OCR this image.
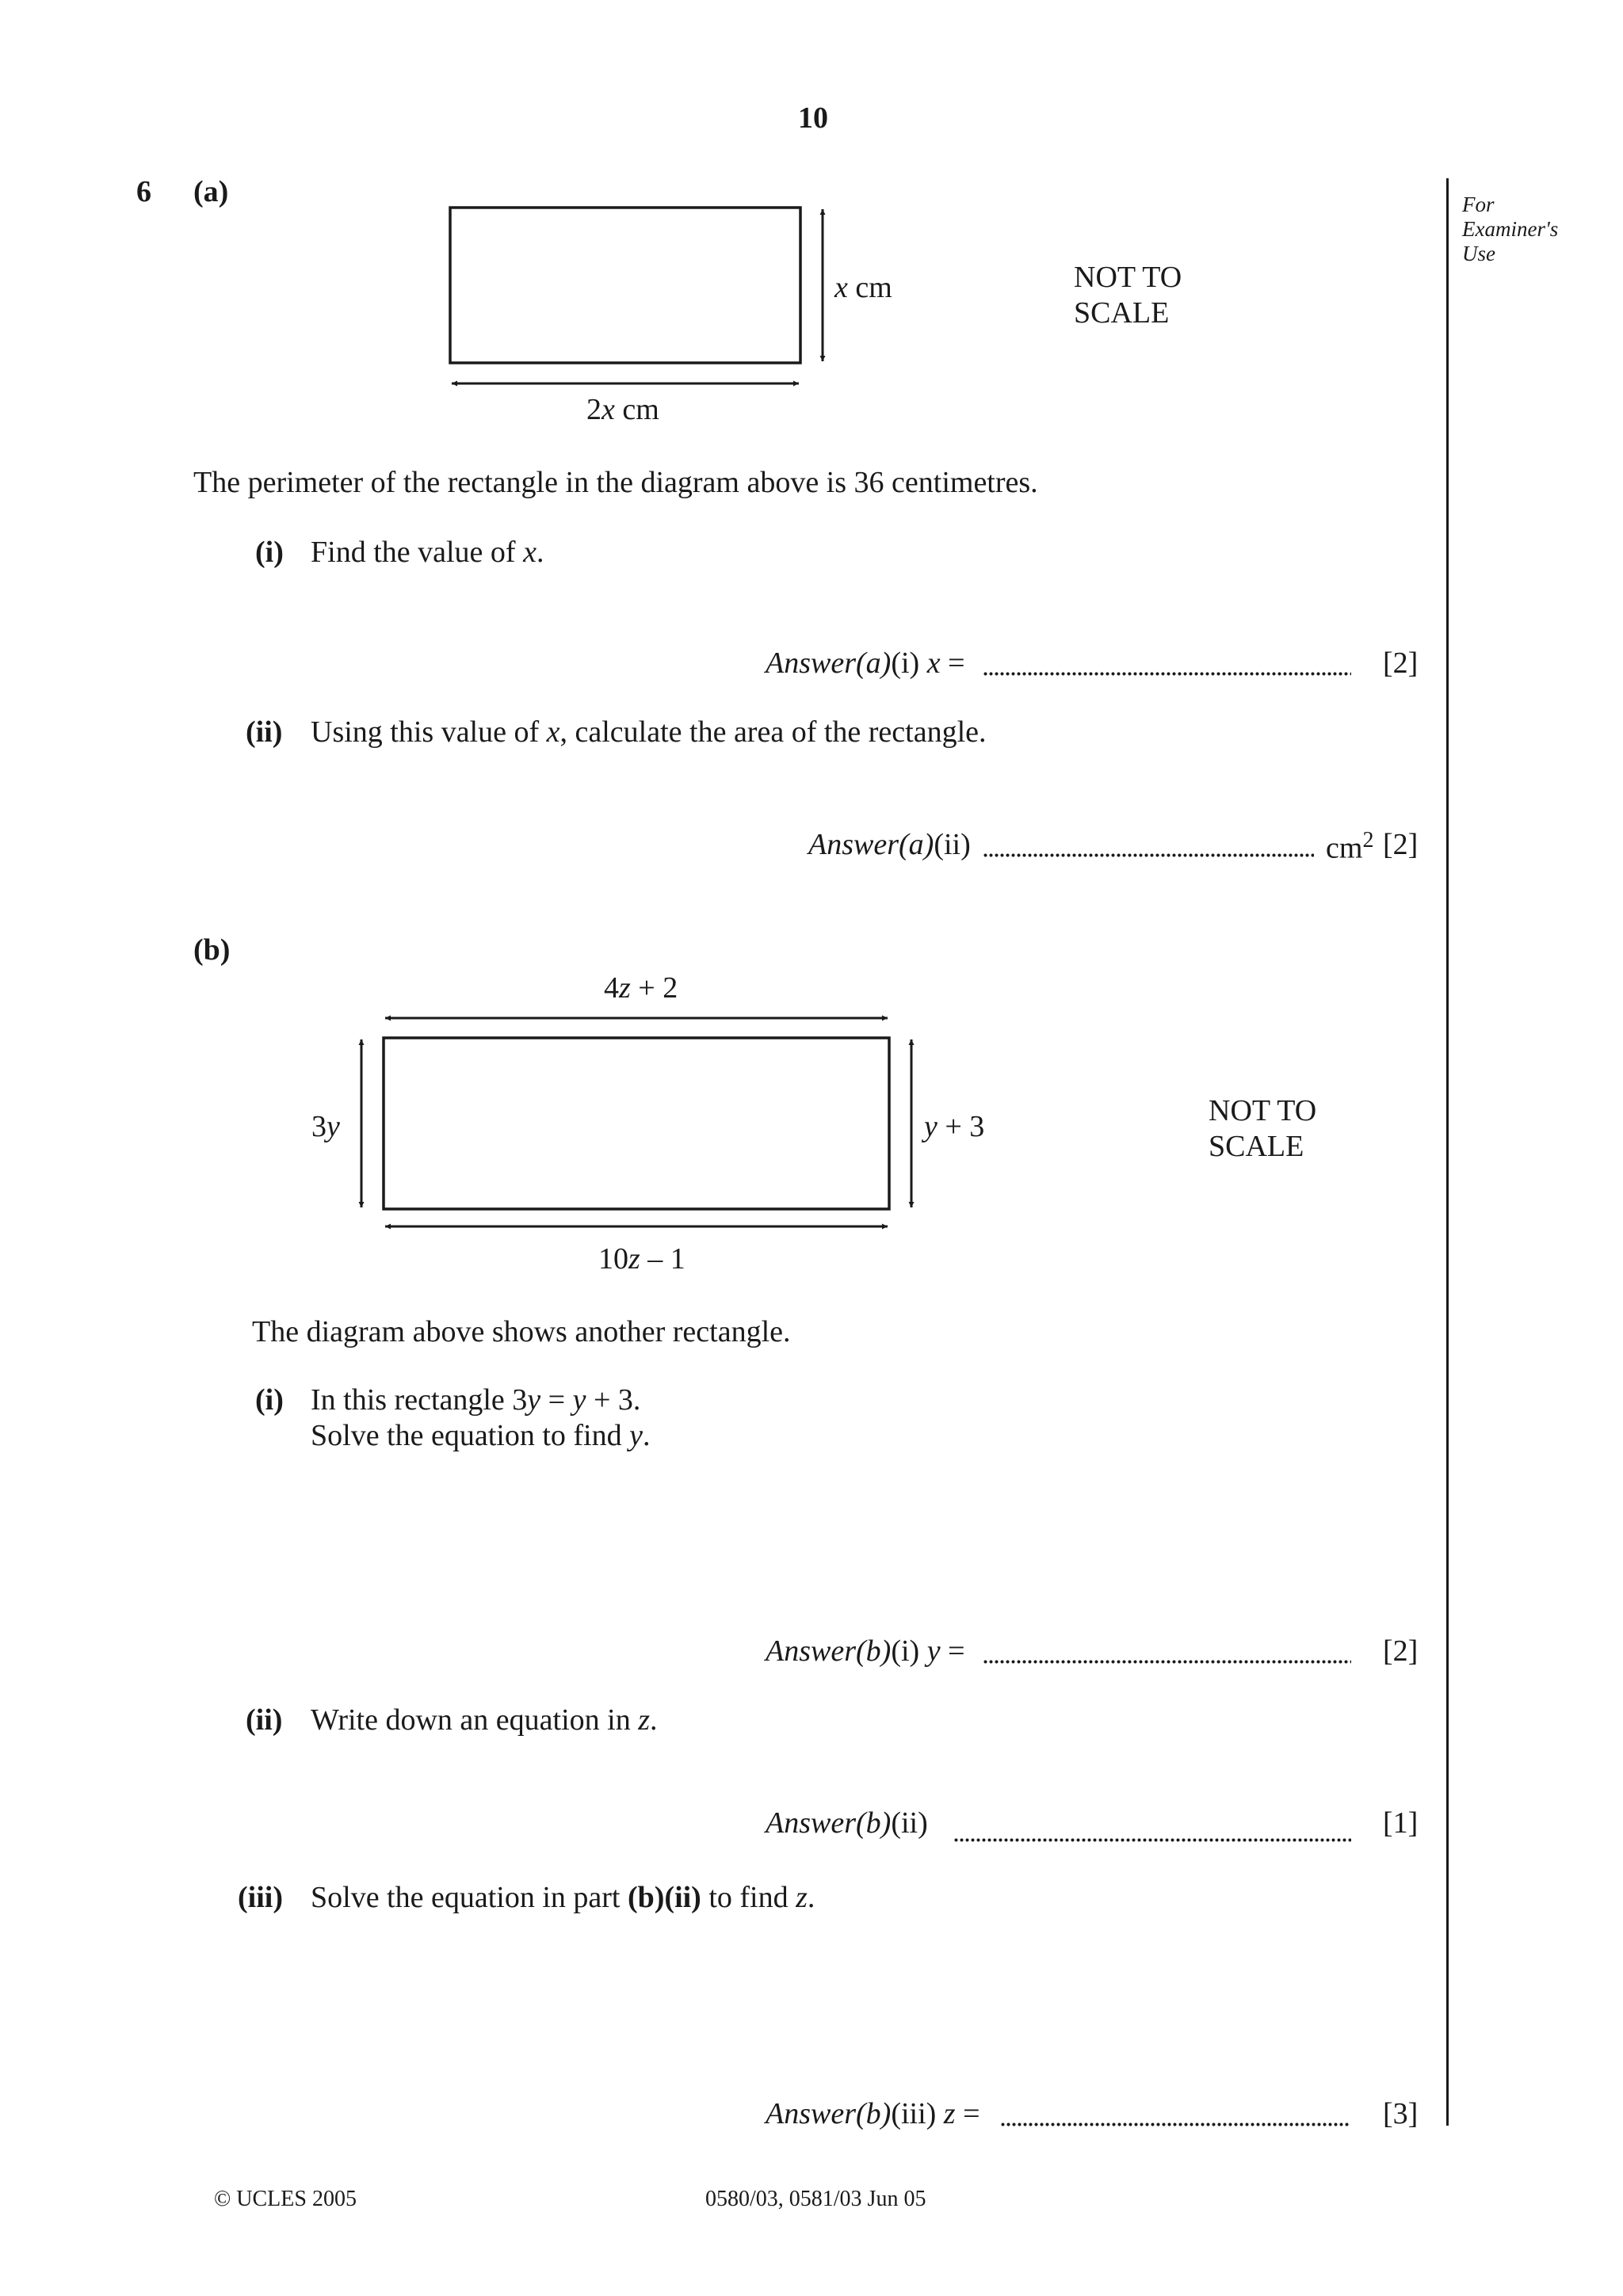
10
For Examiner's Use
6 (a)
x cm
2x cm
NOT TO
SCALE
The perimeter of the rectangle in the diagram above is 36 centimetres.
(i) Find the value of x.
Answer(a)(i) x =	[2]
(ii) Using this value of x, calculate the area of the rectangle.
Answer(a)(ii)	$cm^2$ [2]
(b)
4z + 2
3y	y + 3
10z – 1
NOT TO
SCALE
The diagram above shows another rectangle.
(i) In this rectangle 3y = y + 3.
Solve the equation to find y.
Answer(b)(i) y =	[2]
(ii) Write down an equation in z.
Answer(b)(ii)	[1]
(iii) Solve the equation in part (b)(ii) to find z.
Answer(b)(iii) z =	[3]
© UCLES 2005	0580/03, 0581/03 Jun 05
